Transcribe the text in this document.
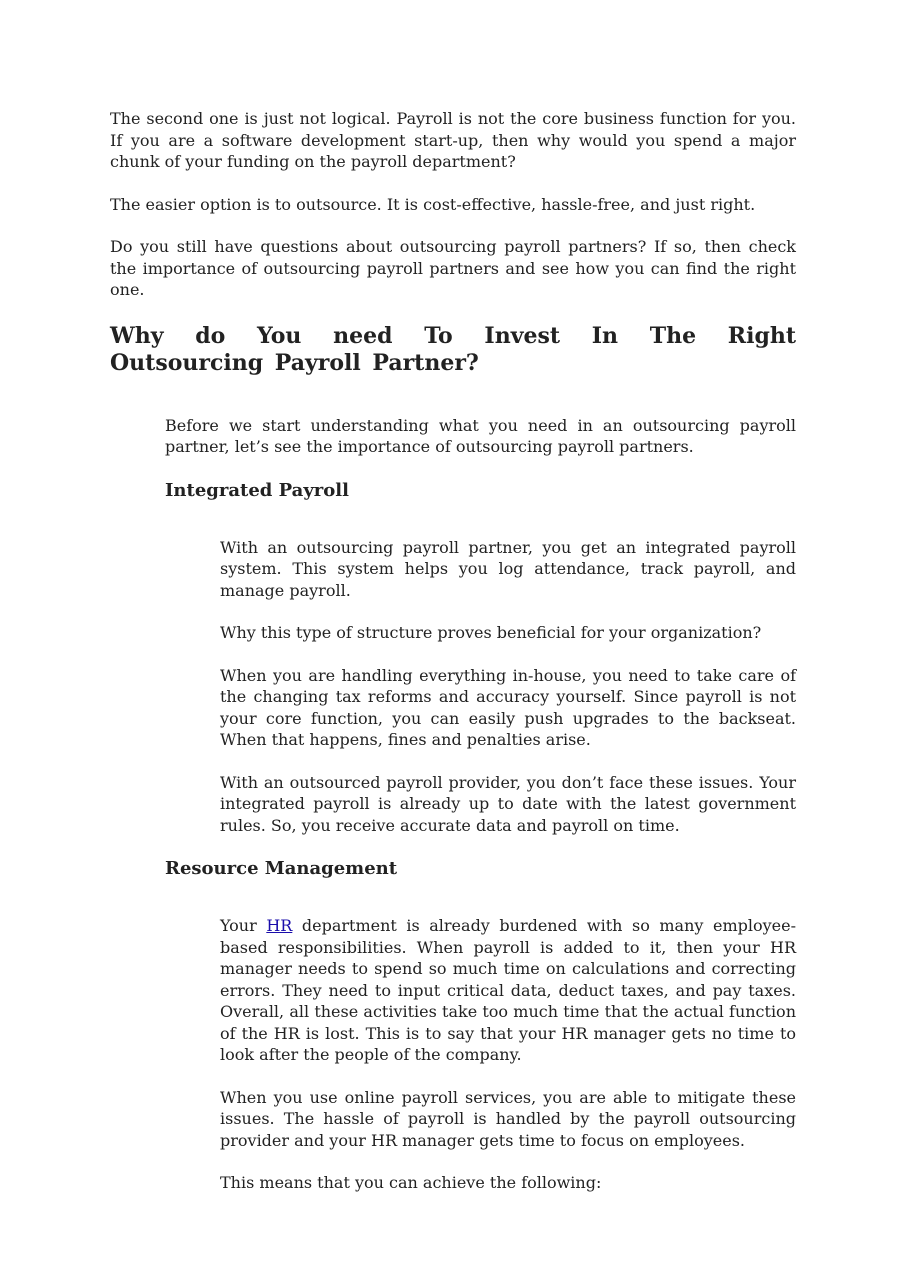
The second one is just not logical. Payroll is not the core business function for you. If you are a software development start-up, then why would you spend a major chunk of your funding on the payroll department?

The easier option is to outsource. It is cost-effective, hassle-free, and just right.

Do you still have questions about outsourcing payroll partners? If so, then check the importance of outsourcing payroll partners and see how you can find the right one.

Why do You need To Invest In The Right Outsourcing Payroll Partner?

Before we start understanding what you need in an outsourcing payroll partner, let’s see the importance of outsourcing payroll partners.

Integrated Payroll

With an outsourcing payroll partner, you get an integrated payroll system. This system helps you log attendance, track payroll, and manage payroll.

Why this type of structure proves beneficial for your organization?

When you are handling everything in-house, you need to take care of the changing tax reforms and accuracy yourself. Since payroll is not your core function, you can easily push upgrades to the backseat. When that happens, fines and penalties arise.

With an outsourced payroll provider, you don’t face these issues. Your integrated payroll is already up to date with the latest government rules. So, you receive accurate data and payroll on time.

Resource Management

Your HR department is already burdened with so many employee-based responsibilities. When payroll is added to it, then your HR manager needs to spend so much time on calculations and correcting errors. They need to input critical data, deduct taxes, and pay taxes. Overall, all these activities take too much time that the actual function of the HR is lost. This is to say that your HR manager gets no time to look after the people of the company.

When you use online payroll services, you are able to mitigate these issues. The hassle of payroll is handled by the payroll outsourcing provider and your HR manager gets time to focus on employees.

This means that you can achieve the following:
